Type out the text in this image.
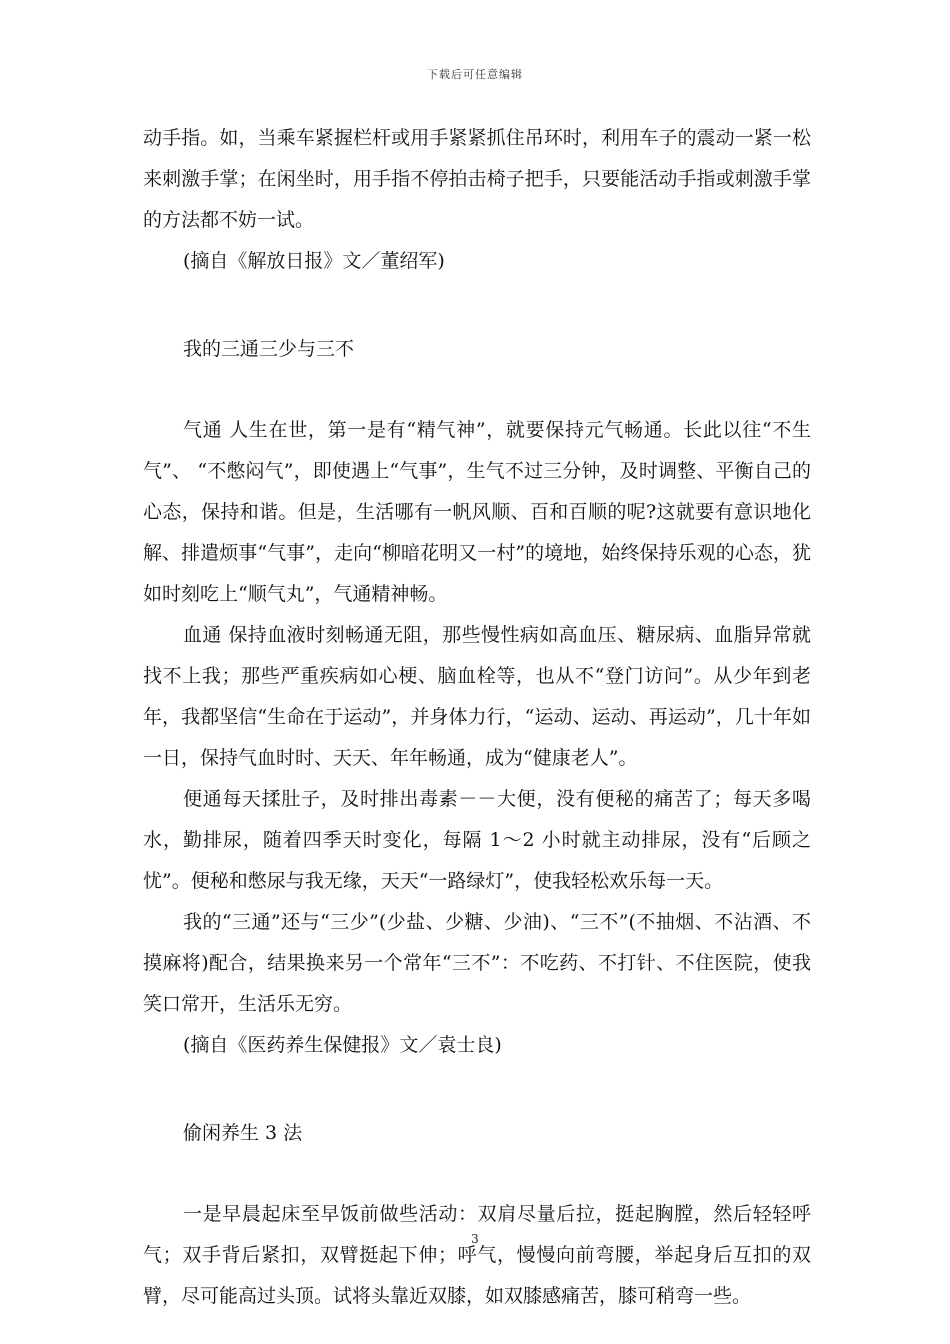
下载后可任意编辑

动手指。如，当乘车紧握栏杆或用手紧紧抓住吊环时，利用车子的震动一紧一松来刺激手掌；在闲坐时，用手指不停拍击椅子把手，只要能活动手指或刺激手掌的方法都不妨一试。

(摘自《解放日报》文／董绍军)

我的三通三少与三不

气通 人生在世，第一是有“精气神”，就要保持元气畅通。长此以往“不生气”、 “不憋闷气”，即使遇上“气事”，生气不过三分钟，及时调整、平衡自己的心态，保持和谐。但是，生活哪有一帆风顺、百和百顺的呢?这就要有意识地化解、排遣烦事“气事”，走向“柳暗花明又一村”的境地，始终保持乐观的心态，犹如时刻吃上“顺气丸”，气通精神畅。

血通 保持血液时刻畅通无阻，那些慢性病如高血压、糖尿病、血脂异常就找不上我；那些严重疾病如心梗、脑血栓等，也从不“登门访问”。从少年到老年，我都坚信“生命在于运动”，并身体力行，“运动、运动、再运动”，几十年如一日，保持气血时时、天天、年年畅通，成为“健康老人”。

便通每天揉肚子，及时排出毒素－－大便，没有便秘的痛苦了；每天多喝水，勤排尿，随着四季天时变化，每隔 1～2 小时就主动排尿，没有“后顾之忧”。便秘和憋尿与我无缘，天天“一路绿灯”，使我轻松欢乐每一天。

我的“三通”还与“三少”(少盐、少糖、少油)、“三不”(不抽烟、不沾酒、不摸麻将)配合，结果换来另一个常年“三不”：不吃药、不打针、不住医院，使我笑口常开，生活乐无穷。

(摘自《医药养生保健报》文／袁士良)

偷闲养生 3 法

一是早晨起床至早饭前做些活动：双肩尽量后拉，挺起胸膛，然后轻轻呼气；双手背后紧扣，双臂挺起下伸；呼气，慢慢向前弯腰，举起身后互扣的双臂，尽可能高过头顶。试将头靠近双膝，如双膝感痛苦，膝可稍弯一些。

3
